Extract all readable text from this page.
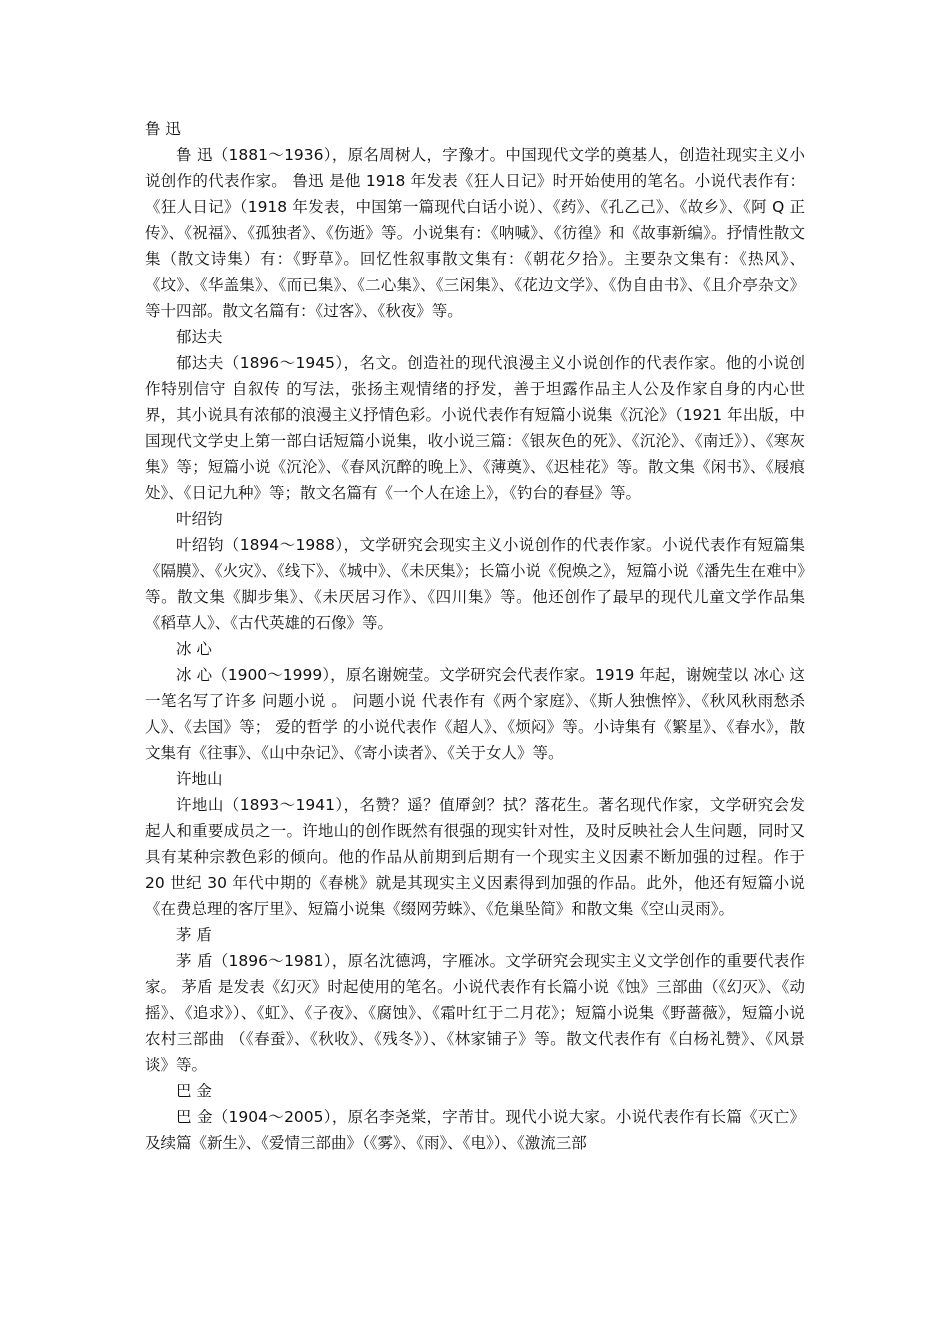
鲁 迅

鲁 迅（1881～1936），原名周树人，字豫才。中国现代文学的奠基人，创造社现实主义小说创作的代表作家。 鲁迅 是他 1918 年发表《狂人日记》时开始使用的笔名。小说代表作有：《狂人日记》（1918 年发表，中国第一篇现代白话小说）、《药》、《孔乙己》、《故乡》、《阿 Q 正传》、《祝福》、《孤独者》、《伤逝》等。小说集有：《呐喊》、《彷徨》和《故事新编》。抒情性散文集（散文诗集）有：《野草》。回忆性叙事散文集有：《朝花夕拾》。主要杂文集有：《热风》、《坟》、《华盖集》、《而已集》、《二心集》、《三闲集》、《花边文学》、《伪自由书》、《且介亭杂文》等十四部。散文名篇有：《过客》、《秋夜》等。

郁达夫

郁达夫（1896～1945），名文。创造社的现代浪漫主义小说创作的代表作家。他的小说创作特别信守 自叙传 的写法，张扬主观情绪的抒发，善于坦露作品主人公及作家自身的内心世界，其小说具有浓郁的浪漫主义抒情色彩。小说代表作有短篇小说集《沉沦》（1921 年出版，中国现代文学史上第一部白话短篇小说集，收小说三篇：《银灰色的死》、《沉沦》、《南迁》）、《寒灰集》等；短篇小说《沉沦》、《春风沉醉的晚上》、《薄奠》、《迟桂花》等。散文集《闲书》、《屐痕处》、《日记九种》等；散文名篇有《一个人在途上》，《钓台的春昼》等。

叶绍钧

叶绍钧（1894～1988），文学研究会现实主义小说创作的代表作家。小说代表作有短篇集《隔膜》、《火灾》、《线下》、《城中》、《未厌集》；长篇小说《倪焕之》，短篇小说《潘先生在难中》等。散文集《脚步集》、《未厌居习作》、《四川集》等。他还创作了最早的现代儿童文学作品集《稻草人》、《古代英雄的石像》等。

冰 心

冰 心（1900～1999），原名谢婉莹。文学研究会代表作家。1919 年起，谢婉莹以 冰心 这一笔名写了许多 问题小说 。 问题小说 代表作有《两个家庭》、《斯人独憔悴》、《秋风秋雨愁杀人》、《去国》等； 爱的哲学 的小说代表作《超人》、《烦闷》等。小诗集有《繁星》、《春水》，散文集有《往事》、《山中杂记》、《寄小读者》、《关于女人》等。

许地山

许地山（1893～1941），名赞？遥？值厣剑？拭？落花生。著名现代作家，文学研究会发起人和重要成员之一。许地山的创作既然有很强的现实针对性，及时反映社会人生问题，同时又具有某种宗教色彩的倾向。他的作品从前期到后期有一个现实主义因素不断加强的过程。作于 20 世纪 30 年代中期的《春桃》就是其现实主义因素得到加强的作品。此外，他还有短篇小说《在费总理的客厅里》、短篇小说集《缀网劳蛛》、《危巢坠简》和散文集《空山灵雨》。

茅 盾

茅 盾（1896～1981），原名沈德鸿，字雁冰。文学研究会现实主义文学创作的重要代表作家。 茅盾 是发表《幻灭》时起使用的笔名。小说代表作有长篇小说《蚀》三部曲（《幻灭》、《动摇》、《追求》）、《虹》、《子夜》、《腐蚀》、《霜叶红于二月花》；短篇小说集《野蔷薇》，短篇小说 农村三部曲 （《春蚕》、《秋收》、《残冬》）、《林家铺子》等。散文代表作有《白杨礼赞》、《风景谈》等。

巴 金

巴 金（1904～2005），原名李尧棠，字芾甘。现代小说大家。小说代表作有长篇《灭亡》及续篇《新生》、《爱情三部曲》（《雾》、《雨》、《电》）、《激流三部
